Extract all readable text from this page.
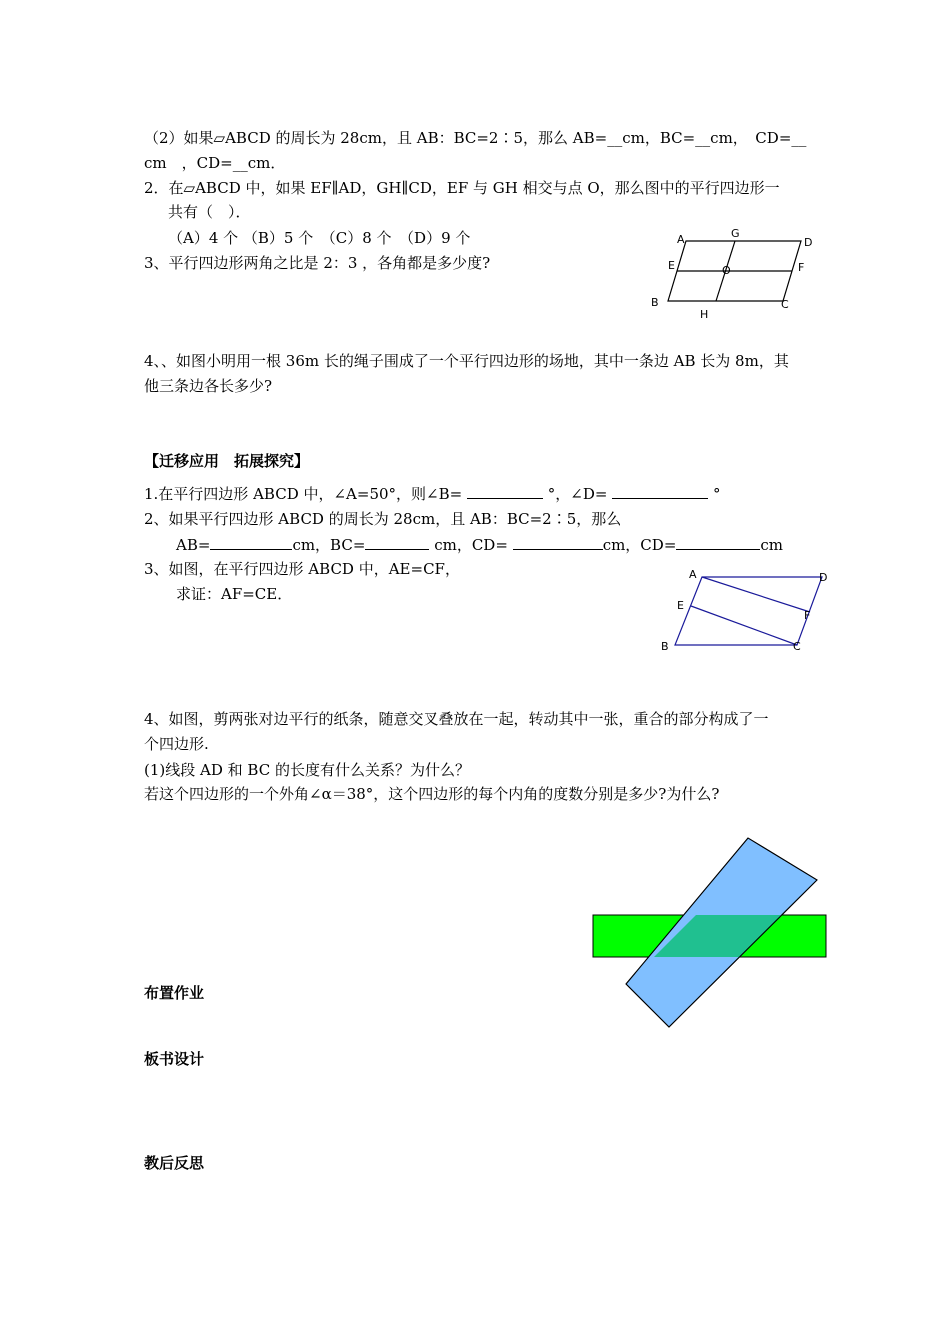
（2）如果▱ABCD 的周长为 28cm，且 AB：BC=2∶5，那么 AB=__cm，BC=__cm，　CD=__
cm　，CD=__cm．
2．在▱ABCD 中，如果 EF∥AD，GH∥CD，EF 与 GH 相交与点 O，那么图中的平行四边形一
共有（　）．
（A）4 个 （B）5 个　（C）8 个　（D）9 个
3、平行四边形两角之比是 2：3 ，各角都是多少度?
A	G
D
E	O	F
B
H
C
4、、如图小明用一根 36m 长的绳子围成了一个平行四边形的场地，其中一条边 AB 长为 8m，其
他三条边各长多少?
【迁移应用　拓展探究】
1.在平行四边形 ABCD 中，∠A=50°，则∠B=	°，∠D=	°
2、如果平行四边形 ABCD 的周长为 28cm，且 AB：BC=2∶5，那么
AB=	cm，BC=	cm，CD=	cm，CD=	cm
3、如图，在平行四边形 ABCD 中，AE=CF，
求证：AF=CE．
A	D
E
F
B	C
4、如图，剪两张对边平行的纸条，随意交叉叠放在一起，转动其中一张，重合的部分构成了一
个四边形.
(1)线段 AD 和 BC 的长度有什么关系？为什么？
若这个四边形的一个外角∠α＝38°，这个四边形的每个内角的度数分别是多少?为什么?
布置作业
板书设计
教后反思
